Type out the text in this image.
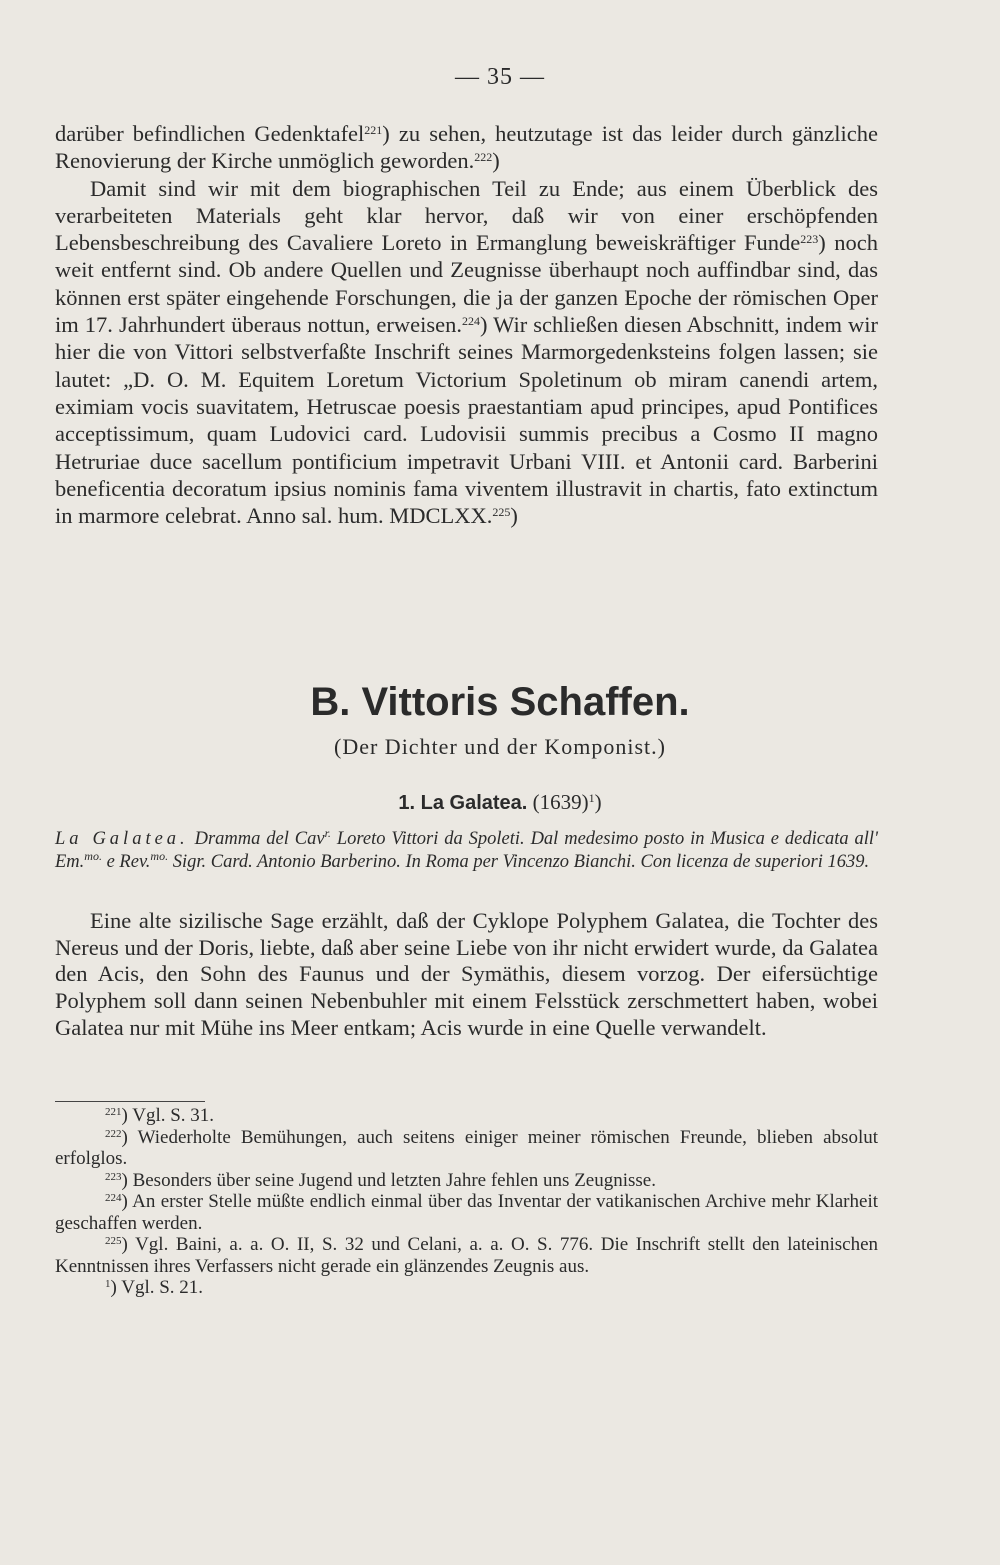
— 35 —

darüber befindlichen Gedenktafel$^{221}$) zu sehen, heutzutage ist das leider durch gänzliche Renovierung der Kirche unmöglich geworden.$^{222}$)

Damit sind wir mit dem biographischen Teil zu Ende; aus einem Überblick des verarbeiteten Materials geht klar hervor, daß wir von einer erschöpfenden Lebensbeschreibung des Cavaliere Loreto in Ermanglung beweiskräftiger Funde$^{223}$) noch weit entfernt sind. Ob andere Quellen und Zeugnisse überhaupt noch auffindbar sind, das können erst später eingehende Forschungen, die ja der ganzen Epoche der römischen Oper im 17. Jahrhundert überaus nottun, erweisen.$^{224}$) Wir schließen diesen Abschnitt, indem wir hier die von Vittori selbstverfaßte Inschrift seines Marmorgedenksteins folgen lassen; sie lautet: „D. O. M. Equitem Loretum Victorium Spoletinum ob miram canendi artem, eximiam vocis suavitatem, Hetruscae poesis praestantiam apud principes, apud Pontifices acceptissimum, quam Ludovici card. Ludovisii summis precibus a Cosmo II magno Hetruriae duce sacellum pontificium impetravit Urbani VIII. et Antonii card. Barberini beneficentia decoratum ipsius nominis fama viventem illustravit in chartis, fato extinctum in marmore celebrat. Anno sal. hum. MDCLXX.$^{225}$)

B. Vittoris Schaffen.
(Der Dichter und der Komponist.)
1. La Galatea. $(1639)^1$)
La Galatea. Dramma del Cav$^{r.}$ Loreto Vittori da Spoleti. Dal medesimo posto in Musica e dedicata all' Em.$^{mo.}$ e Rev.$^{mo.}$ Sigr. Card. Antonio Barberino. In Roma per Vincenzo Bianchi. Con licenza de superiori 1639.
Eine alte sizilische Sage erzählt, daß der Cyklope Polyphem Galatea, die Tochter des Nereus und der Doris, liebte, daß aber seine Liebe von ihr nicht erwidert wurde, da Galatea den Acis, den Sohn des Faunus und der Symäthis, diesem vorzog. Der eifersüchtige Polyphem soll dann seinen Nebenbuhler mit einem Felsstück zerschmettert haben, wobei Galatea nur mit Mühe ins Meer entkam; Acis wurde in eine Quelle verwandelt.

$^{221}$) Vgl. S. 31.

$^{222}$) Wiederholte Bemühungen, auch seitens einiger meiner römischen Freunde, blieben absolut erfolglos.

$^{223}$) Besonders über seine Jugend und letzten Jahre fehlen uns Zeugnisse.

$^{224}$) An erster Stelle müßte endlich einmal über das Inventar der vatikanischen Archive mehr Klarheit geschaffen werden.

$^{225}$) Vgl. Baini, a. a. O. II, S. 32 und Celani, a. a. O. S. 776. Die Inschrift stellt den lateinischen Kenntnissen ihres Verfassers nicht gerade ein glänzendes Zeugnis aus.

$^1$) Vgl. S. 21.
